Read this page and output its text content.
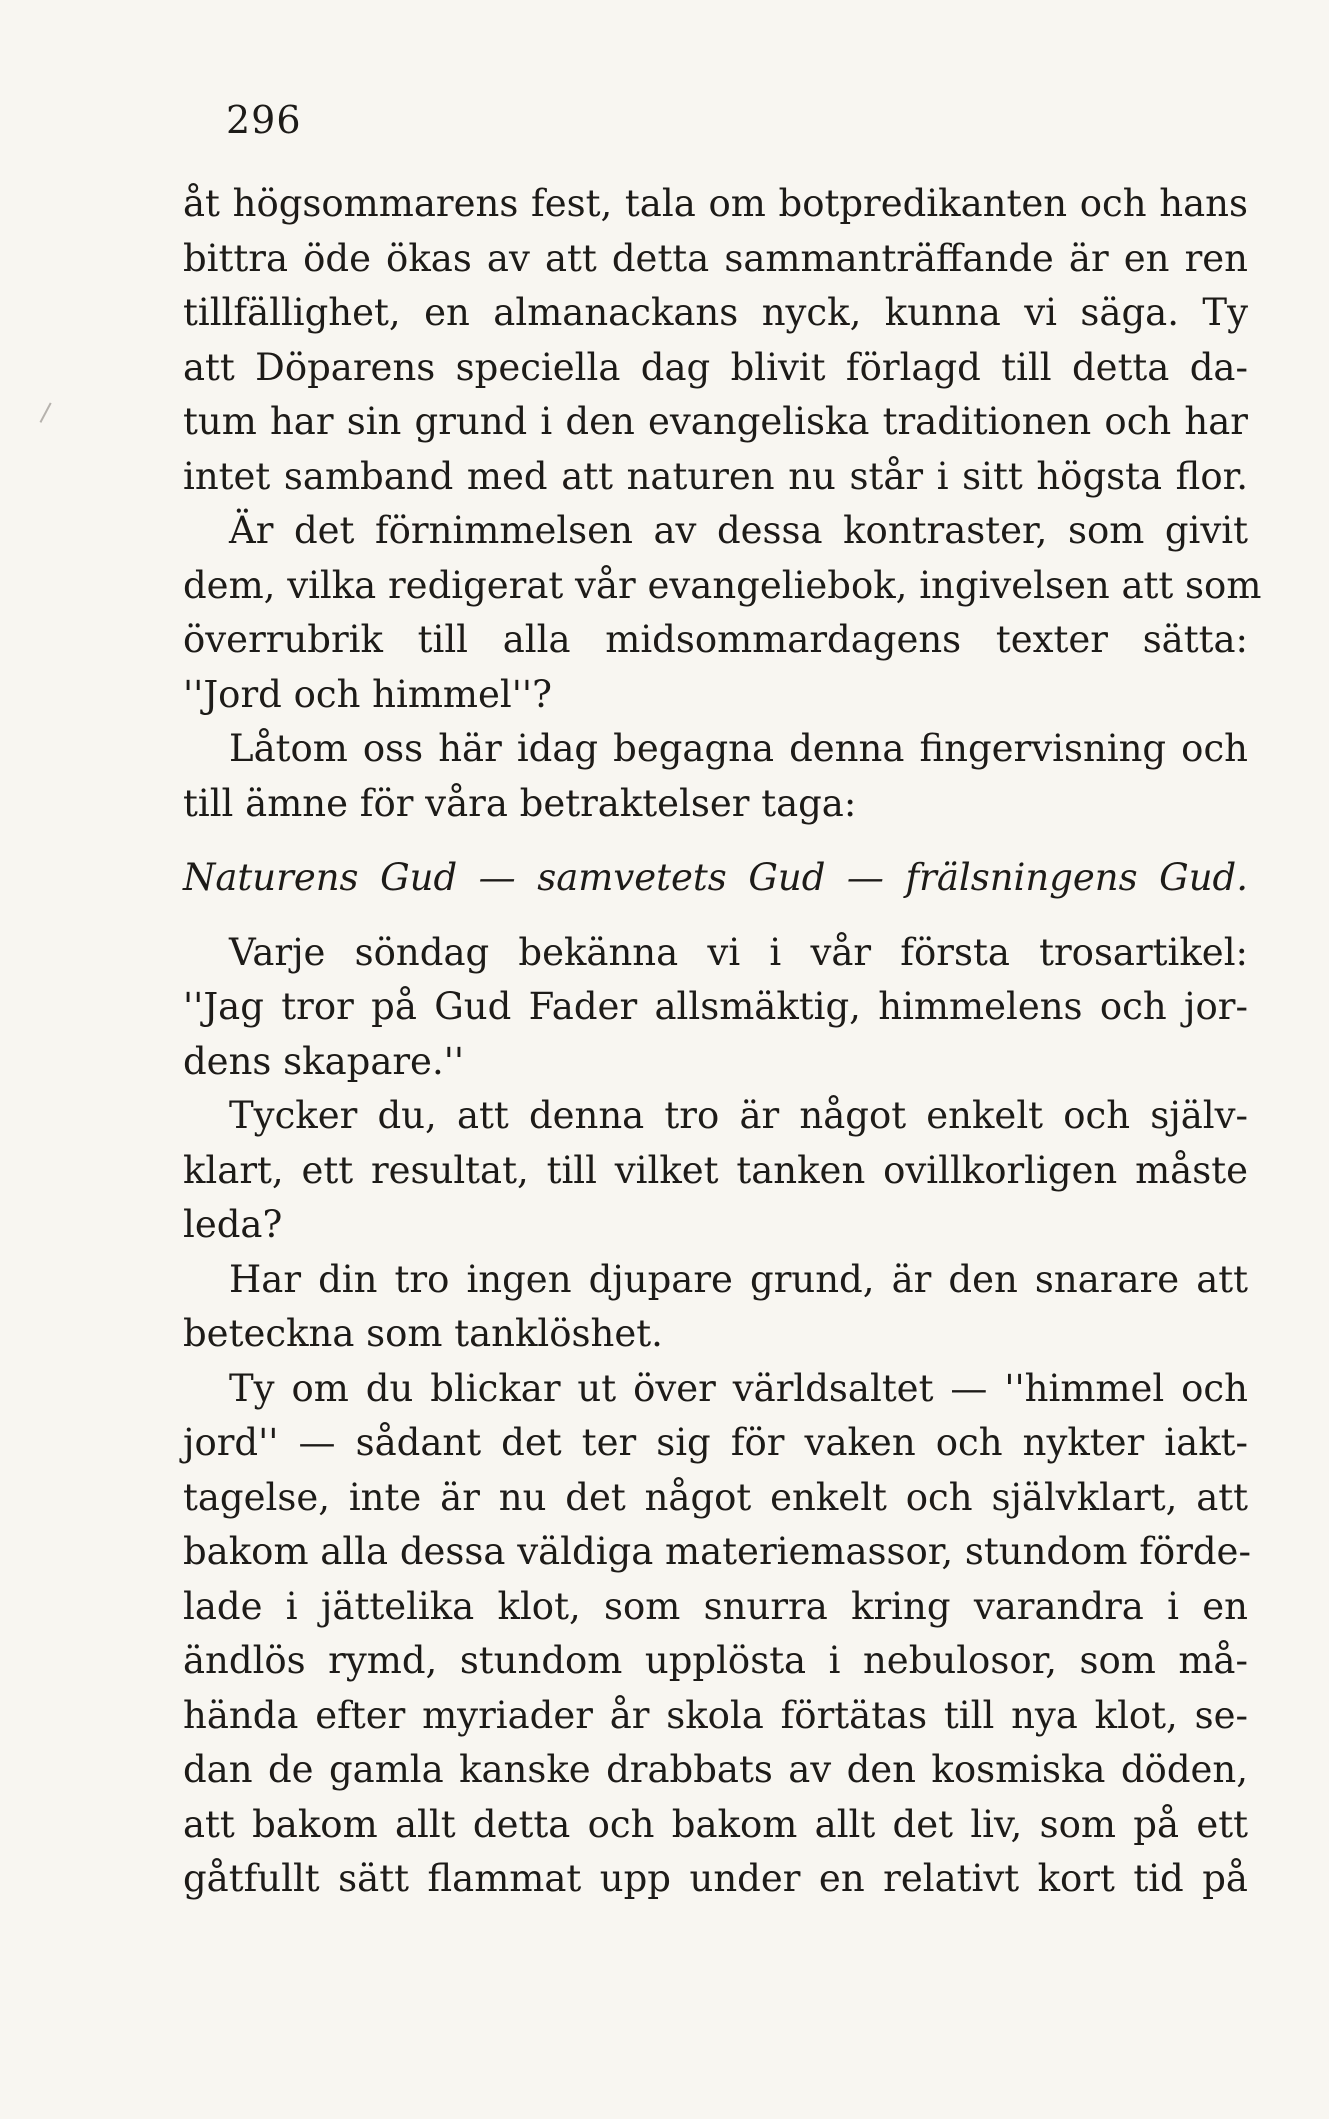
296
åt högsommarens fest, tala om botpredikanten och hans
bittra öde ökas av att detta sammanträffande är en ren
tillfällighet, en almanackans nyck, kunna vi säga. Ty
att Döparens speciella dag blivit förlagd till detta da-
tum har sin grund i den evangeliska traditionen och har
intet samband med att naturen nu står i sitt högsta flor.
Är det förnimmelsen av dessa kontraster, som givit
dem, vilka redigerat vår evangeliebok, ingivelsen att som
överrubrik till alla midsommardagens texter sätta:
''Jord och himmel''?
Låtom oss här idag begagna denna fingervisning och
till ämne för våra betraktelser taga:
Naturens Gud — samvetets Gud — frälsningens Gud.
Varje söndag bekänna vi i vår första trosartikel:
''Jag tror på Gud Fader allsmäktig, himmelens och jor-
dens skapare.''
Tycker du, att denna tro är något enkelt och själv-
klart, ett resultat, till vilket tanken ovillkorligen måste
leda?
Har din tro ingen djupare grund, är den snarare att
beteckna som tanklöshet.
Ty om du blickar ut över världsaltet — ''himmel och
jord'' — sådant det ter sig för vaken och nykter iakt-
tagelse, inte är nu det något enkelt och självklart, att
bakom alla dessa väldiga materiemassor, stundom förde-
lade i jättelika klot, som snurra kring varandra i en
ändlös rymd, stundom upplösta i nebulosor, som må-
hända efter myriader år skola förtätas till nya klot, se-
dan de gamla kanske drabbats av den kosmiska döden,
att bakom allt detta och bakom allt det liv, som på ett
gåtfullt sätt flammat upp under en relativt kort tid på
